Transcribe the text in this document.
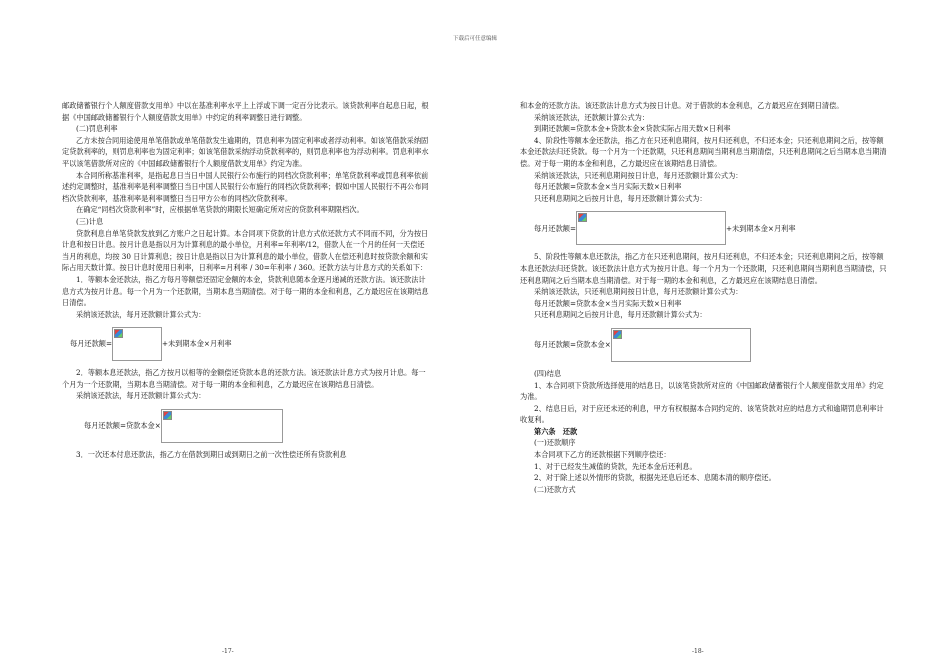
下载后可任意编辑

邮政储蓄银行个人额度借款支用单》中以在基准利率水平上上浮或下调一定百分比表示。该贷款利率自起息日起，根据《中国邮政储蓄银行个人额度借款支用单》中约定的利率调整日进行调整。

(二)罚息利率

乙方未按合同用途使用单笔借款或单笔借款发生逾期的，罚息利率为固定利率或者浮动利率。如该笔借款采纳固定贷款利率的，则罚息利率也为固定利率；如该笔借款采纳浮动贷款利率的，则罚息利率也为浮动利率。罚息利率水平以该笔借款所对应的《中国邮政储蓄银行个人额度借款支用单》约定为准。

本合同所称基准利率，是指起息日当日中国人民银行公布施行的同档次贷款利率；单笔贷款利率或罚息利率依前述约定调整时，基准利率是利率调整日当日中国人民银行公布施行的同档次贷款利率；假如中国人民银行不再公布同档次贷款利率，基准利率是利率调整日当日甲方公布的同档次贷款利率。

在确定“同档次贷款利率”时，应根据单笔贷款的期限长短确定所对应的贷款利率期限档次。

(三)计息

贷款利息自单笔贷款发放到乙方账户之日起计算。本合同项下贷款的计息方式依还款方式不同而不同，分为按日计息和按日计息。按月计息是指以月为计算利息的最小单位，月利率=年利率/12，借款人在一个月的任何一天偿还当月的利息，均按 30 日计算利息；按日计息是指以日为计算利息的最小单位，借款人在偿还利息时按贷款余额和实际占用天数计算。按日计息时使用日利率，日利率=月利率 / 30=年利率 / 360。还款方法与计息方式的关系如下：

1．等额本金还款法，指乙方每月等额偿还固定金额的本金，贷款利息随本金逐月递减的还款方法。该还款法计息方式为按月计息。每一个月为一个还款期，当期本息当期清偿。对于每一期的本金和利息，乙方最迟应在该期结息日清偿。

采纳该还款法，每月还款额计算公式为：

每月还款额=	+未到期本金×月利率

2．等额本息还款法，指乙方按月以相等的金额偿还贷款本息的还款方法。该还款法计息方式为按月计息。每一个月为一个还款期，当期本息当期清偿。对于每一期的本金和利息，乙方最迟应在该期结息日清偿。

采纳该还款法，每月还款额计算公式为：

每月还款额=贷款本金×

3．一次还本付息还款法，指乙方在借款到期日或到期日之前一次性偿还所有贷款利息

和本金的还款方法。该还款法计息方式为按日计息。对于借款的本金利息，乙方最迟应在到期日清偿。

采纳该还款法，还款额计算公式为：

到期还款额=贷款本金+贷款本金×贷款实际占用天数×日利率

4、阶段性等额本金还款法，指乙方在只还利息期间，按月归还利息，不归还本金；只还利息期间之后，按等额本金还款法归还贷款。每一个月为一个还款期，只还利息期间当期利息当期清偿，只还利息期间之后当期本息当期清偿。对于每一期的本金和利息，乙方最迟应在该期结息日清偿。

采纳该还款法，只还利息期间按日计息，每月还款额计算公式为：

每月还款额=贷款本金×当月实际天数×日利率

只还利息期间之后按月计息，每月还款额计算公式为：

每月还款额=	+未到期本金×月利率

5、阶段性等额本息还款法，指乙方在只还利息期间，按月归还利息，不归还本金；只还利息期间之后，按等额本息还款法归还贷款。该还款法计息方式为按月计息。每一个月为一个还款期，只还利息期间当期利息当期清偿，只还利息期间之后当期本息当期清偿。对于每一期的本金和利息，乙方最迟应在该期结息日清偿。

采纳该还款法，只还利息期间按日计息，每月还款额计算公式为：

每月还款额=贷款本金×当月实际天数×日利率

只还利息期间之后按月计息，每月还款额计算公式为：

每月还款额=贷款本金×

(四)结息

1、本合同项下贷款所选择使用的结息日，以该笔贷款所对应的《中国邮政储蓄银行个人额度借款支用单》约定为准。

2、结息日后，对于应还未还的利息，甲方有权根据本合同约定的、该笔贷款对应的结息方式和逾期罚息利率计收复利。

第六条　还款

(一)还款顺序

本合同项下乙方的还款根据下列顺序偿还：

1、对于已经发生减值的贷款，先还本金后还利息。

2、对于除上述以外情形的贷款，根据先还息后还本、息随本清的顺序偿还。

(二)还款方式

-17-	-18-
